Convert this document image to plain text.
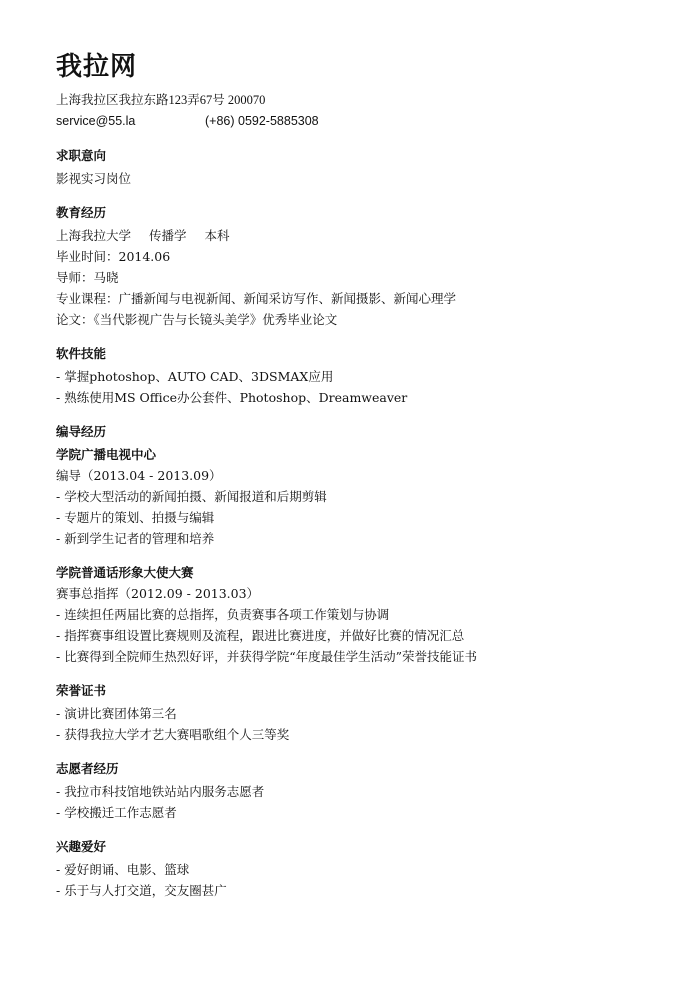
我拉网
上海我拉区我拉东路123弄67号 200070
service@55.la	(+86) 0592-5885308
求职意向
影视实习岗位
教育经历
上海我拉大学 传播学 本科
毕业时间：2014.06
导师：马晓
专业课程：广播新闻与电视新闻、新闻采访写作、新闻摄影、新闻心理学
论文：《当代影视广告与长镜头美学》优秀毕业论文
软件技能
- 掌握photoshop、AUTO CAD、3DSMAX应用
- 熟练使用MS Office办公套件、Photoshop、Dreamweaver
编导经历
学院广播电视中心
编导（2013.04 - 2013.09）
- 学校大型活动的新闻拍摄、新闻报道和后期剪辑
- 专题片的策划、拍摄与编辑
- 新到学生记者的管理和培养
学院普通话形象大使大赛
赛事总指挥（2012.09 - 2013.03）
- 连续担任两届比赛的总指挥，负责赛事各项工作策划与协调
- 指挥赛事组设置比赛规则及流程，跟进比赛进度，并做好比赛的情况汇总
- 比赛得到全院师生热烈好评，并获得学院“年度最佳学生活动”荣誉技能证书
荣誉证书
- 演讲比赛团体第三名
- 获得我拉大学才艺大赛唱歌组个人三等奖
志愿者经历
- 我拉市科技馆地铁站站内服务志愿者
- 学校搬迁工作志愿者
兴趣爱好
- 爱好朗诵、电影、篮球
- 乐于与人打交道，交友圈甚广
